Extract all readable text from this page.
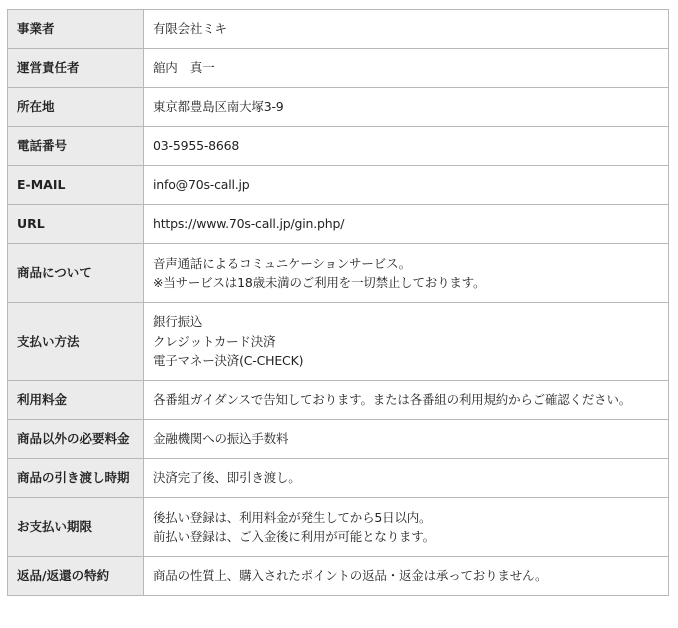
事業者	有限会社ミキ

運営責任者	舘内　真一

所在地	東京都豊島区南大塚3-9

電話番号	03-5955-8668

E-MAIL	info@70s-call.jp

URL	https://www.70s-call.jp/gin.php/

商品について	音声通話によるコミュニケーションサービス。
※当サービスは18歳未満のご利用を一切禁止しております。

支払い方法	銀行振込
クレジットカード決済
電子マネー決済(C-CHECK)

利用料金	各番組ガイダンスで告知しております。または各番組の利用規約からご確認ください。

商品以外の必要料金	金融機関への振込手数料

商品の引き渡し時期	決済完了後、即引き渡し。

お支払い期限	後払い登録は、利用料金が発生してから5日以内。
前払い登録は、ご入金後に利用が可能となります。

返品/返還の特約	商品の性質上、購入されたポイントの返品・返金は承っておりません。
